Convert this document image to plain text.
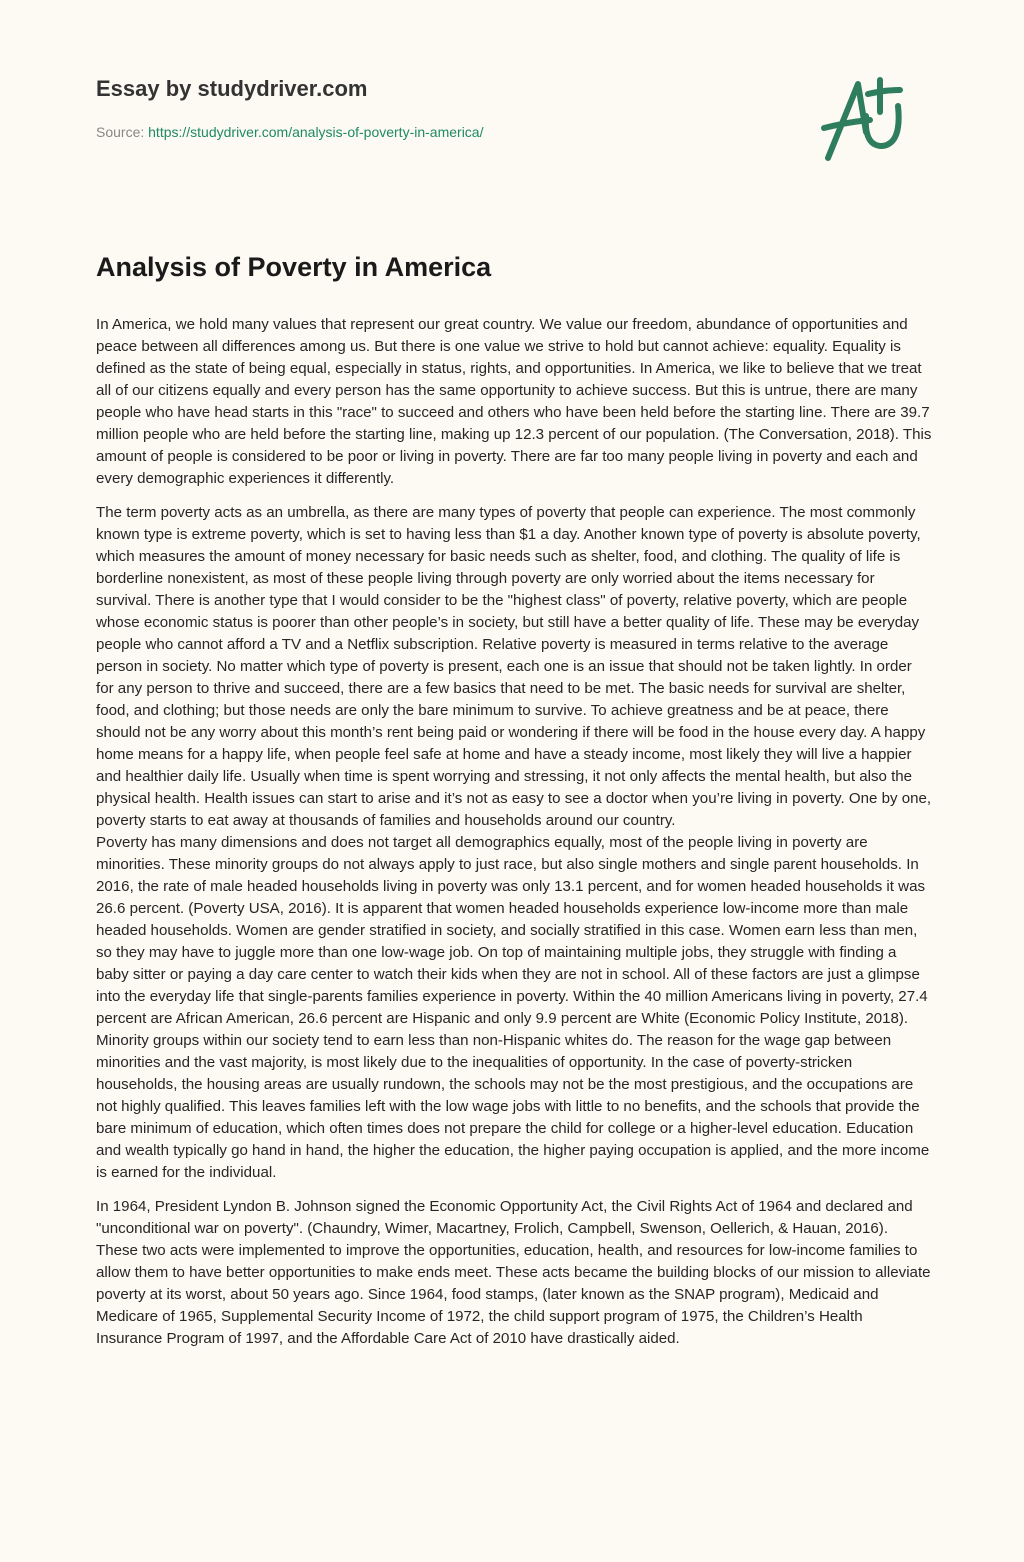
Essay by studydriver.com
Source: https://studydriver.com/analysis-of-poverty-in-america/
Analysis of Poverty in America

In America, we hold many values that represent our great country. We value our freedom, abundance of opportunities and peace between all differences among us. But there is one value we strive to hold but cannot achieve: equality. Equality is defined as the state of being equal, especially in status, rights, and opportunities. In America, we like to believe that we treat all of our citizens equally and every person has the same opportunity to achieve success. But this is untrue, there are many people who have head starts in this "race" to succeed and others who have been held before the starting line. There are 39.7 million people who are held before the starting line, making up 12.3 percent of our population. (The Conversation, 2018). This amount of people is considered to be poor or living in poverty. There are far too many people living in poverty and each and every demographic experiences it differently.

The term poverty acts as an umbrella, as there are many types of poverty that people can experience. The most commonly known type is extreme poverty, which is set to having less than $1 a day. Another known type of poverty is absolute poverty, which measures the amount of money necessary for basic needs such as shelter, food, and clothing. The quality of life is borderline nonexistent, as most of these people living through poverty are only worried about the items necessary for survival. There is another type that I would consider to be the "highest class" of poverty, relative poverty, which are people whose economic status is poorer than other people’s in society, but still have a better quality of life. These may be everyday people who cannot afford a TV and a Netflix subscription. Relative poverty is measured in terms relative to the average person in society. No matter which type of poverty is present, each one is an issue that should not be taken lightly. In order for any person to thrive and succeed, there are a few basics that need to be met. The basic needs for survival are shelter, food, and clothing; but those needs are only the bare minimum to survive. To achieve greatness and be at peace, there should not be any worry about this month’s rent being paid or wondering if there will be food in the house every day. A happy home means for a happy life, when people feel safe at home and have a steady income, most likely they will live a happier and healthier daily life. Usually when time is spent worrying and stressing, it not only affects the mental health, but also the physical health. Health issues can start to arise and it’s not as easy to see a doctor when you’re living in poverty. One by one, poverty starts to eat away at thousands of families and households around our country.

Poverty has many dimensions and does not target all demographics equally, most of the people living in poverty are minorities. These minority groups do not always apply to just race, but also single mothers and single parent households. In 2016, the rate of male headed households living in poverty was only 13.1 percent, and for women headed households it was 26.6 percent. (Poverty USA, 2016). It is apparent that women headed households experience low-income more than male headed households. Women are gender stratified in society, and socially stratified in this case. Women earn less than men, so they may have to juggle more than one low-wage job. On top of maintaining multiple jobs, they struggle with finding a baby sitter or paying a day care center to watch their kids when they are not in school. All of these factors are just a glimpse into the everyday life that single-parents families experience in poverty. Within the 40 million Americans living in poverty, 27.4 percent are African American, 26.6 percent are Hispanic and only 9.9 percent are White (Economic Policy Institute, 2018). Minority groups within our society tend to earn less than non-Hispanic whites do. The reason for the wage gap between minorities and the vast majority, is most likely due to the inequalities of opportunity. In the case of poverty-stricken households, the housing areas are usually rundown, the schools may not be the most prestigious, and the occupations are not highly qualified. This leaves families left with the low wage jobs with little to no benefits, and the schools that provide the bare minimum of education, which often times does not prepare the child for college or a higher-level education. Education and wealth typically go hand in hand, the higher the education, the higher paying occupation is applied, and the more income is earned for the individual.

In 1964, President Lyndon B. Johnson signed the Economic Opportunity Act, the Civil Rights Act of 1964 and declared and "unconditional war on poverty". (Chaundry, Wimer, Macartney, Frolich, Campbell, Swenson, Oellerich, & Hauan, 2016). These two acts were implemented to improve the opportunities, education, health, and resources for low-income families to allow them to have better opportunities to make ends meet. These acts became the building blocks of our mission to alleviate poverty at its worst, about 50 years ago. Since 1964, food stamps, (later known as the SNAP program), Medicaid and Medicare of 1965, Supplemental Security Income of 1972, the child support program of 1975, the Children’s Health Insurance Program of 1997, and the Affordable Care Act of 2010 have drastically aided.
